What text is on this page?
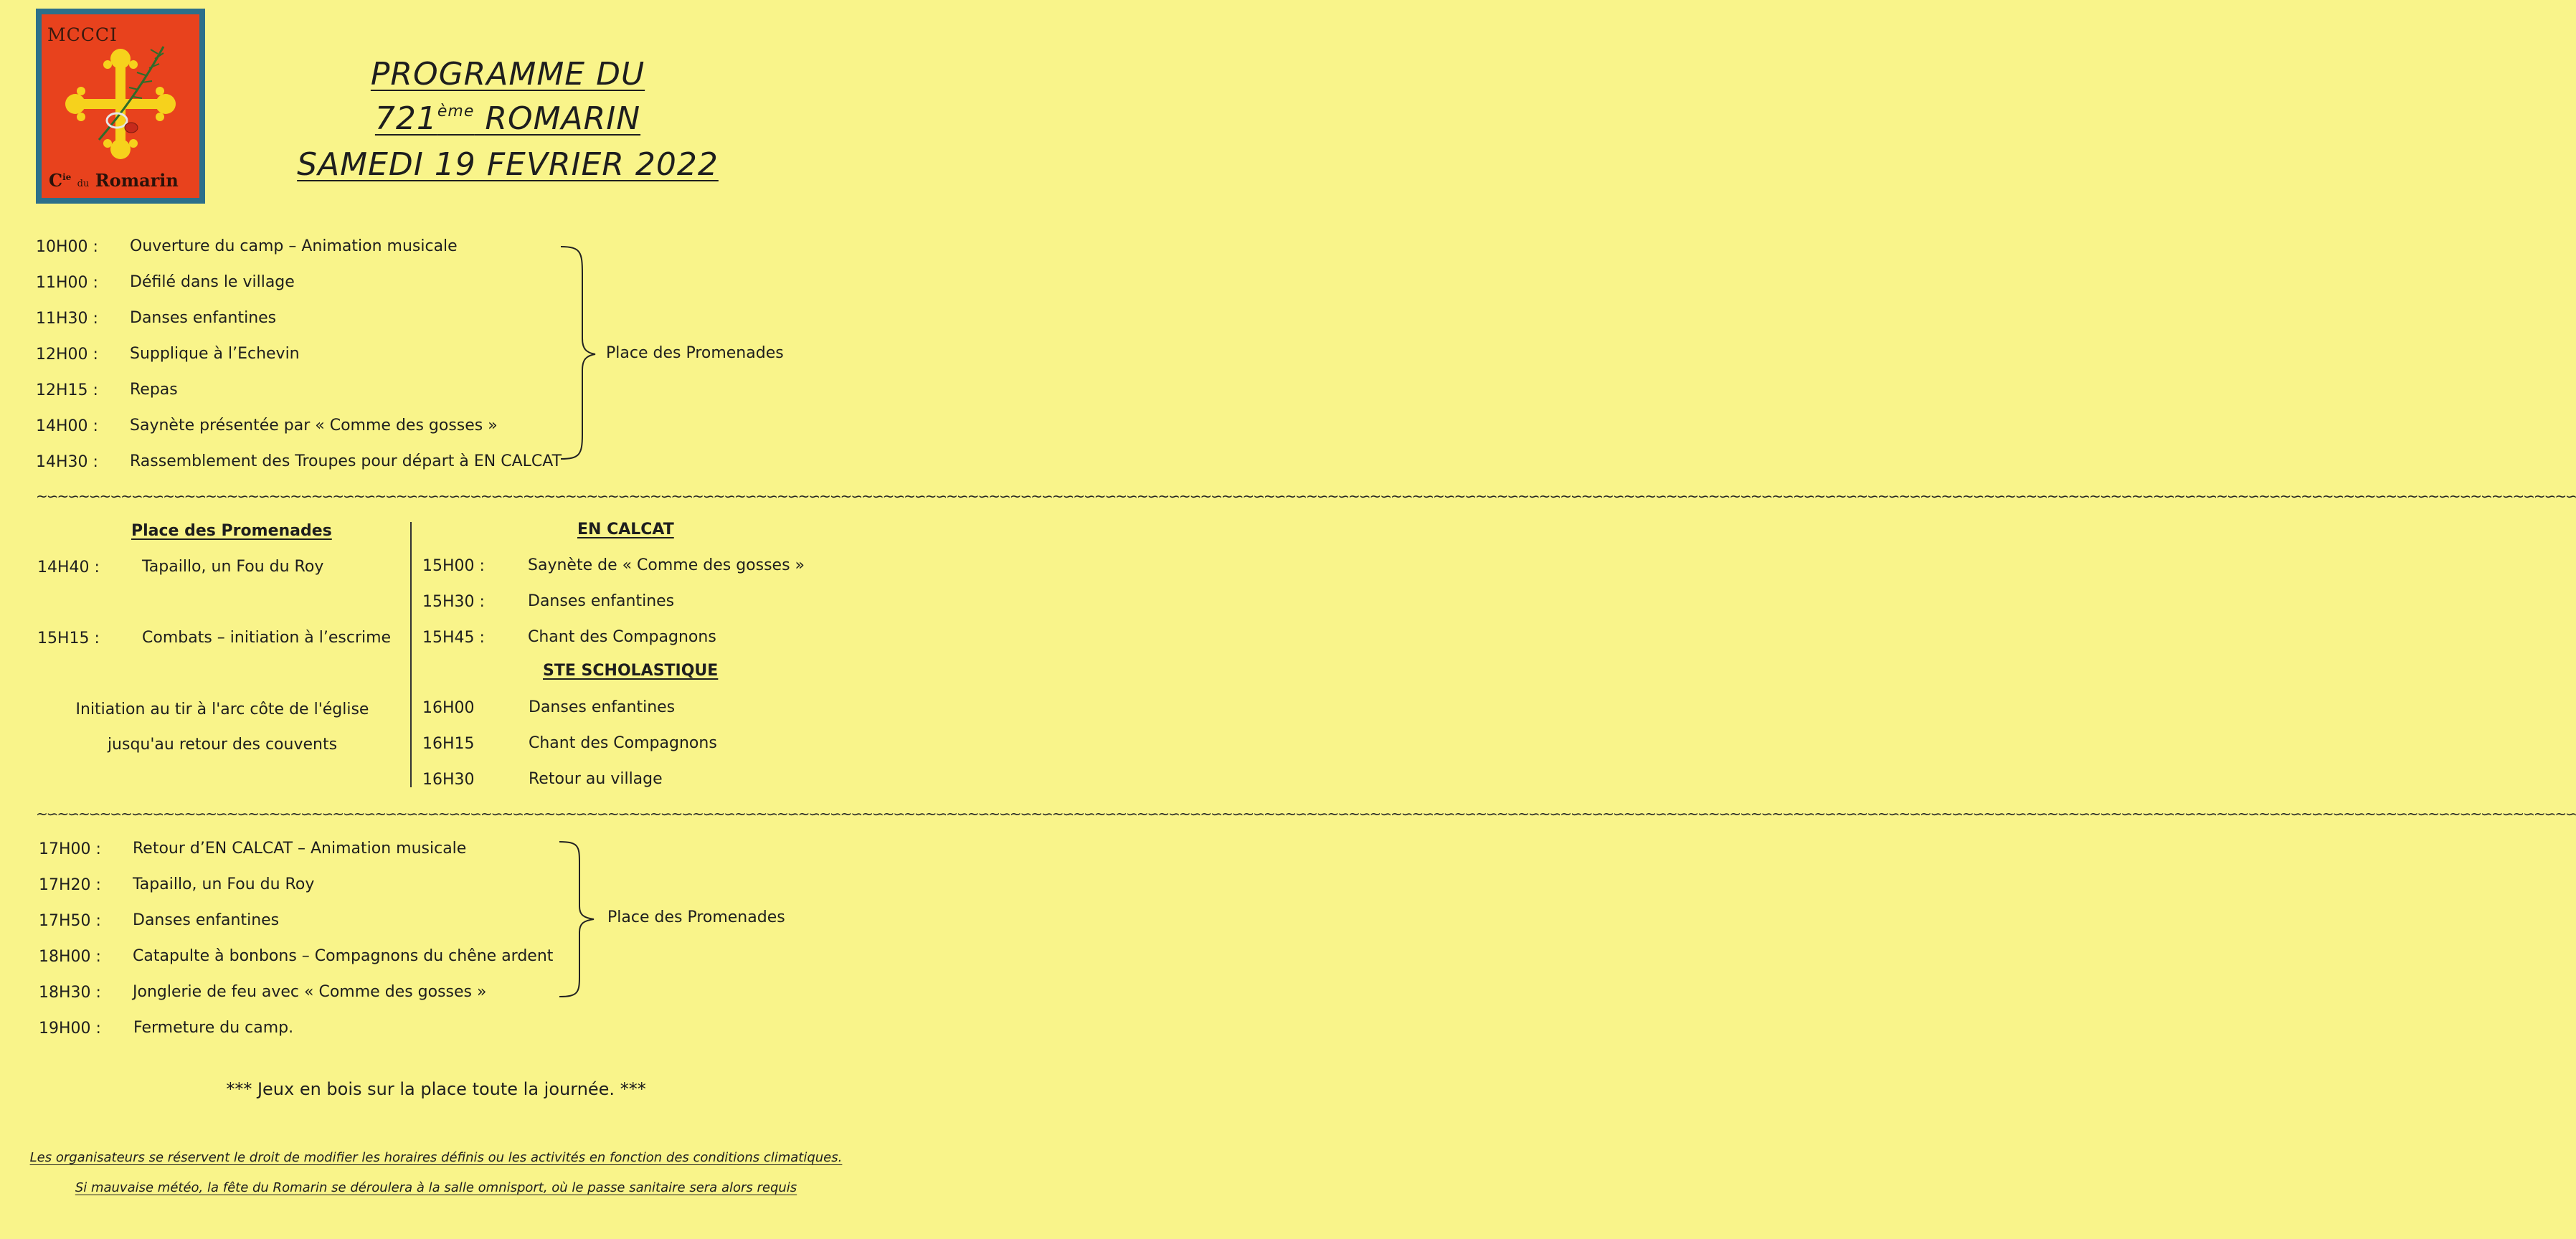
MCCCI
$C^{ie}$ du Romarin
PROGRAMME DU
721ème ROMARIN
SAMEDI 19 FEVRIER 2022
10H00 : Ouverture du camp – Animation musicale
11H00 : Défilé dans le village
11H30 : Danses enfantines
12H00 : Supplique à l’Echevin
12H15 : Repas
14H00 : Saynète présentée par « Comme des gosses »
14H30 : Rassemblement des Troupes pour départ à EN CALCAT
Place des Promenades
~∽~∽~∽~∽~∽~∽~∽~∽~∽~∽~∽~∽~∽~∽~∽~∽~∽~∽~∽~∽~∽~∽~∽~∽~∽~∽~∽~∽~∽~∽~∽~∽~∽~∽~∽~∽~∽~∽~∽~∽~∽~∽~∽~∽~∽~∽~∽~∽~∽~∽~∽~∽~∽~∽~∽~∽~∽~∽~∽~∽~∽~∽~∽~∽~∽~∽~∽~∽~∽~∽~∽~∽~∽~∽~∽~∽~∽~∽~∽~∽~∽~∽~∽~∽~∽~∽~∽~∽~∽~∽~∽~∽~∽~∽~∽~∽~∽~∽~∽~∽~∽~∽~∽~∽~∽~∽~∽~∽~∽~∽~∽~∽~∽~∽~∽~∽~∽~∽~∽~∽
Place des Promenades
14H40 :	Tapaillo, un Fou du Roy
15H15 :	Combats – initiation à l’escrime
Initiation au tir à l'arc côte de l'église
jusqu'au retour des couvents
EN CALCAT
15H00 :	Saynète de « Comme des gosses »
15H30 :	Danses enfantines
15H45 :	Chant des Compagnons
STE SCHOLASTIQUE
16H00	Danses enfantines
16H15	Chant des Compagnons
16H30	Retour au village
~∽~∽~∽~∽~∽~∽~∽~∽~∽~∽~∽~∽~∽~∽~∽~∽~∽~∽~∽~∽~∽~∽~∽~∽~∽~∽~∽~∽~∽~∽~∽~∽~∽~∽~∽~∽~∽~∽~∽~∽~∽~∽~∽~∽~∽~∽~∽~∽~∽~∽~∽~∽~∽~∽~∽~∽~∽~∽~∽~∽~∽~∽~∽~∽~∽~∽~∽~∽~∽~∽~∽~∽~∽~∽~∽~∽~∽~∽~∽~∽~∽~∽~∽~∽~∽~∽~∽~∽~∽~∽~∽~∽~∽~∽~∽~∽~∽~∽~∽~∽~∽~∽~∽~∽~∽~∽~∽~∽~∽~∽~∽~∽~∽~∽~∽~∽~∽~∽~∽~∽
17H00 : Retour d’EN CALCAT – Animation musicale
17H20 : Tapaillo, un Fou du Roy
17H50 : Danses enfantines
18H00 : Catapulte à bonbons – Compagnons du chêne ardent
18H30 : Jonglerie de feu avec « Comme des gosses »
19H00 : Fermeture du camp.
Place des Promenades
*** Jeux en bois sur la place toute la journée. ***
Les organisateurs se réservent le droit de modifier les horaires définis ou les activités en fonction des conditions climatiques.
Si mauvaise météo, la fête du Romarin se déroulera à la salle omnisport, où le passe sanitaire sera alors requis
